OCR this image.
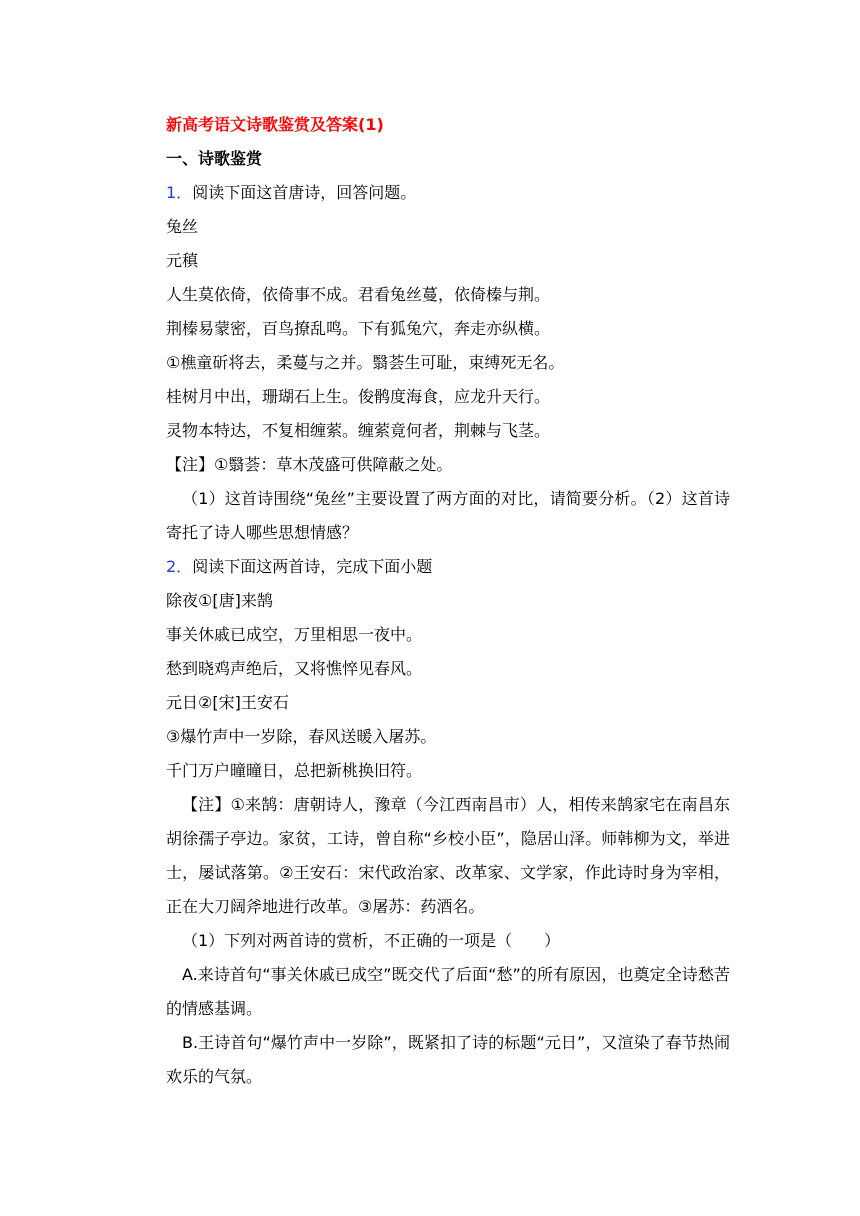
新高考语文诗歌鉴赏及答案(1)
一、诗歌鉴赏
1．阅读下面这首唐诗，回答问题。
兔丝
元稹
人生莫依倚，依倚事不成。君看兔丝蔓，依倚榛与荆。
荆榛易蒙密，百鸟撩乱鸣。下有狐兔穴，奔走亦纵横。
①樵童斫将去，柔蔓与之并。翳荟生可耻，束缚死无名。
桂树月中出，珊瑚石上生。俊鹘度海食，应龙升天行。
灵物本特达，不复相缠萦。缠萦竟何者，荆棘与飞茎。
【注】①翳荟：草木茂盛可供障蔽之处。

（1）这首诗围绕“兔丝”主要设置了两方面的对比，请简要分析。（2）这首诗寄托了诗人哪些思想情感？

2．阅读下面这两首诗，完成下面小题
除夜①[唐]来鹄
事关休戚已成空，万里相思一夜中。
愁到晓鸡声绝后，又将憔悴见春风。
元日②[宋]王安石
③爆竹声中一岁除，春风送暖入屠苏。
千门万户曈曈日，总把新桃换旧符。

【注】①来鹄：唐朝诗人，豫章（今江西南昌市）人，相传来鹄家宅在南昌东胡徐孺子亭边。家贫，工诗，曾自称“乡校小臣”，隐居山泽。师韩柳为文，举进士，屡试落第。②王安石：宋代政治家、改革家、文学家，作此诗时身为宰相，正在大刀阔斧地进行改革。③屠苏：药酒名。

（1）下列对两首诗的赏析，不正确的一项是（　　）

A.来诗首句“事关休戚已成空”既交代了后面“愁”的所有原因，也奠定全诗愁苦的情感基调。

B.王诗首句“爆竹声中一岁除”，既紧扣了诗的标题“元日”，又渲染了春节热闹欢乐的气氛。
